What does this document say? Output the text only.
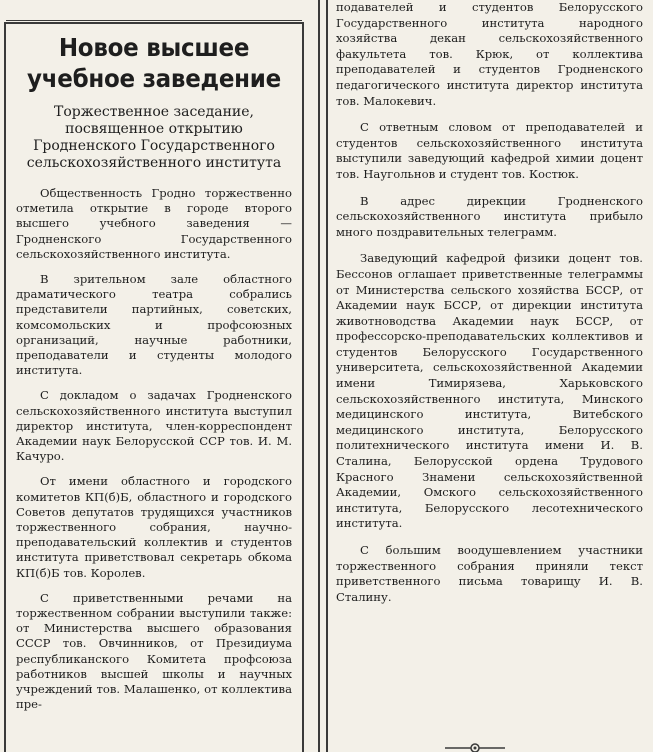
Новое высшее
учебное заведение
Торжественное заседание, посвященное открытию Гродненского Государственного сельскохозяйственного института

Общественность Гродно торжественно отметила открытие в городе второго высшего учебного заведения — Гродненского Государственного сельскохозяйственного института.

В зрительном зале областного драматического театра собрались представители партийных, советских, комсомольских и профсоюзных организаций, научные работники, преподаватели и студенты молодого института.

С докладом о задачах Гродненского сельскохозяйственного института выступил директор института, член-корреспондент Академии наук Белорусской ССР тов. И. М. Качуро.

От имени областного и городского комитетов КП(б)Б, областного и городского Советов депутатов трудящихся участников торжественного собрания, научно-преподавательский коллектив и студентов института приветствовал секретарь обкома КП(б)Б тов. Королев.

С приветственными речами на торжественном собрании выступили также: от Министерства высшего образования СССР тов. Овчинников, от Президиума республиканского Комитета профсоюза работников высшей школы и научных учреждений тов. Малашенко, от коллектива пре-

подавателей и студентов Белорусского Государственного института народного хозяйства декан сельскохозяйственного факультета тов. Крюк, от коллектива преподавателей и студентов Гродненского педагогического института директор института тов. Малокевич.

С ответным словом от преподавателей и студентов сельскохозяйственного института выступили заведующий кафедрой химии доцент тов. Наугольнов и студент тов. Костюк.

В адрес дирекции Гродненского сельскохозяйственного института прибыло много поздравительных телеграмм.

Заведующий кафедрой физики доцент тов. Бессонов оглашает приветственные телеграммы от Министерства сельского хозяйства БССР, от Академии наук БССР, от дирекции института животноводства Академии наук БССР, от профессорско-преподавательских коллективов и студентов Белорусского Государственного университета, сельскохозяйственной Академии имени Тимирязева, Харьковского сельскохозяйственного института, Минского медицинского института, Витебского медицинского института, Белорусского политехнического института имени И. В. Сталина, Белорусской ордена Трудового Красного Знамени сельскохозяйственной Академии, Омского сельскохозяйственного института, Белорусского лесотехнического института.

С большим воодушевлением участники торжественного собрания приняли текст приветственного письма товарищу И. В. Сталину.
